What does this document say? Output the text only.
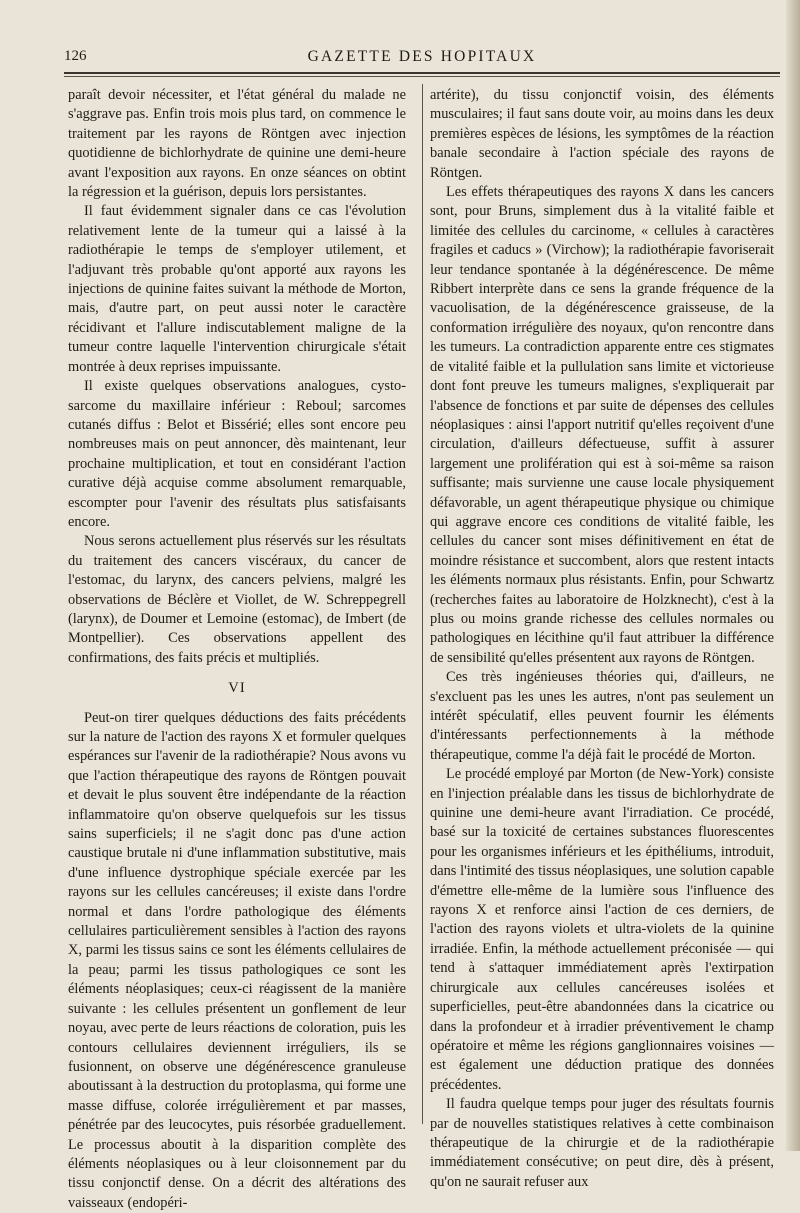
126	GAZETTE DES HOPITAUX

paraît devoir nécessiter, et l'état général du malade ne s'aggrave pas. Enfin trois mois plus tard, on commence le traitement par les rayons de Röntgen avec injection quotidienne de bichlorhydrate de quinine une demi-heure avant l'exposition aux rayons. En onze séances on obtint la régression et la guérison, depuis lors persistantes.

Il faut évidemment signaler dans ce cas l'évolution relativement lente de la tumeur qui a laissé à la radiothérapie le temps de s'employer utilement, et l'adjuvant très probable qu'ont apporté aux rayons les injections de quinine faites suivant la méthode de Morton, mais, d'autre part, on peut aussi noter le caractère récidivant et l'allure indiscutablement maligne de la tumeur contre laquelle l'intervention chirurgicale s'était montrée à deux reprises impuissante.

Il existe quelques observations analogues, cysto-sarcome du maxillaire inférieur : Reboul; sarcomes cutanés diffus : Belot et Bissérié; elles sont encore peu nombreuses mais on peut annoncer, dès maintenant, leur prochaine multiplication, et tout en considérant l'action curative déjà acquise comme absolument remarquable, escompter pour l'avenir des résultats plus satisfaisants encore.

Nous serons actuellement plus réservés sur les résultats du traitement des cancers viscéraux, du cancer de l'estomac, du larynx, des cancers pelviens, malgré les observations de Béclère et Viollet, de W. Schreppegrell (larynx), de Doumer et Lemoine (estomac), de Imbert (de Montpellier). Ces observations appellent des confirmations, des faits précis et multipliés.

VI

Peut-on tirer quelques déductions des faits précédents sur la nature de l'action des rayons X et formuler quelques espérances sur l'avenir de la radiothérapie? Nous avons vu que l'action thérapeutique des rayons de Röntgen pouvait et devait le plus souvent être indépendante de la réaction inflammatoire qu'on observe quelquefois sur les tissus sains superficiels; il ne s'agit donc pas d'une action caustique brutale ni d'une inflammation substitutive, mais d'une influence dystrophique spéciale exercée par les rayons sur les cellules cancéreuses; il existe dans l'ordre normal et dans l'ordre pathologique des éléments cellulaires particulièrement sensibles à l'action des rayons X, parmi les tissus sains ce sont les éléments cellulaires de la peau; parmi les tissus pathologiques ce sont les éléments néoplasiques; ceux-ci réagissent de la manière suivante : les cellules présentent un gonflement de leur noyau, avec perte de leurs réactions de coloration, puis les contours cellulaires deviennent irréguliers, ils se fusionnent, on observe une dégénérescence granuleuse aboutissant à la destruction du protoplasma, qui forme une masse diffuse, colorée irrégulièrement et par masses, pénétrée par des leucocytes, puis résorbée graduellement. Le processus aboutit à la disparition complète des éléments néoplasiques ou à leur cloisonnement par du tissu conjonctif dense. On a décrit des altérations des vaisseaux (endopéri-

artérite), du tissu conjonctif voisin, des éléments musculaires; il faut sans doute voir, au moins dans les deux premières espèces de lésions, les symptômes de la réaction banale secondaire à l'action spéciale des rayons de Röntgen.

Les effets thérapeutiques des rayons X dans les cancers sont, pour Bruns, simplement dus à la vitalité faible et limitée des cellules du carcinome, « cellules à caractères fragiles et caducs » (Virchow); la radiothérapie favoriserait leur tendance spontanée à la dégénérescence. De même Ribbert interprète dans ce sens la grande fréquence de la vacuolisation, de la dégénérescence graisseuse, de la conformation irrégulière des noyaux, qu'on rencontre dans les tumeurs. La contradiction apparente entre ces stigmates de vitalité faible et la pullulation sans limite et victorieuse dont font preuve les tumeurs malignes, s'expliquerait par l'absence de fonctions et par suite de dépenses des cellules néoplasiques : ainsi l'apport nutritif qu'elles reçoivent d'une circulation, d'ailleurs défectueuse, suffit à assurer largement une prolifération qui est à soi-même sa raison suffisante; mais survienne une cause locale physiquement défavorable, un agent thérapeutique physique ou chimique qui aggrave encore ces conditions de vitalité faible, les cellules du cancer sont mises définitivement en état de moindre résistance et succombent, alors que restent intacts les éléments normaux plus résistants. Enfin, pour Schwartz (recherches faites au laboratoire de Holzknecht), c'est à la plus ou moins grande richesse des cellules normales ou pathologiques en lécithine qu'il faut attribuer la différence de sensibilité qu'elles présentent aux rayons de Röntgen.

Ces très ingénieuses théories qui, d'ailleurs, ne s'excluent pas les unes les autres, n'ont pas seulement un intérêt spéculatif, elles peuvent fournir les éléments d'intéressants perfectionnements à la méthode thérapeutique, comme l'a déjà fait le procédé de Morton.

Le procédé employé par Morton (de New-York) consiste en l'injection préalable dans les tissus de bichlorhydrate de quinine une demi-heure avant l'irradiation. Ce procédé, basé sur la toxicité de certaines substances fluorescentes pour les organismes inférieurs et les épithéliums, introduit, dans l'intimité des tissus néoplasiques, une solution capable d'émettre elle-même de la lumière sous l'influence des rayons X et renforce ainsi l'action de ces derniers, de l'action des rayons violets et ultra-violets de la quinine irradiée. Enfin, la méthode actuellement préconisée — qui tend à s'attaquer immédiatement après l'extirpation chirurgicale aux cellules cancéreuses isolées et superficielles, peut-être abandonnées dans la cicatrice ou dans la profondeur et à irradier préventivement le champ opératoire et même les régions ganglionnaires voisines — est également une déduction pratique des données précédentes.

Il faudra quelque temps pour juger des résultats fournis par de nouvelles statistiques relatives à cette combinaison thérapeutique de la chirurgie et de la radiothérapie immédiatement consécutive; on peut dire, dès à présent, qu'on ne saurait refuser aux
